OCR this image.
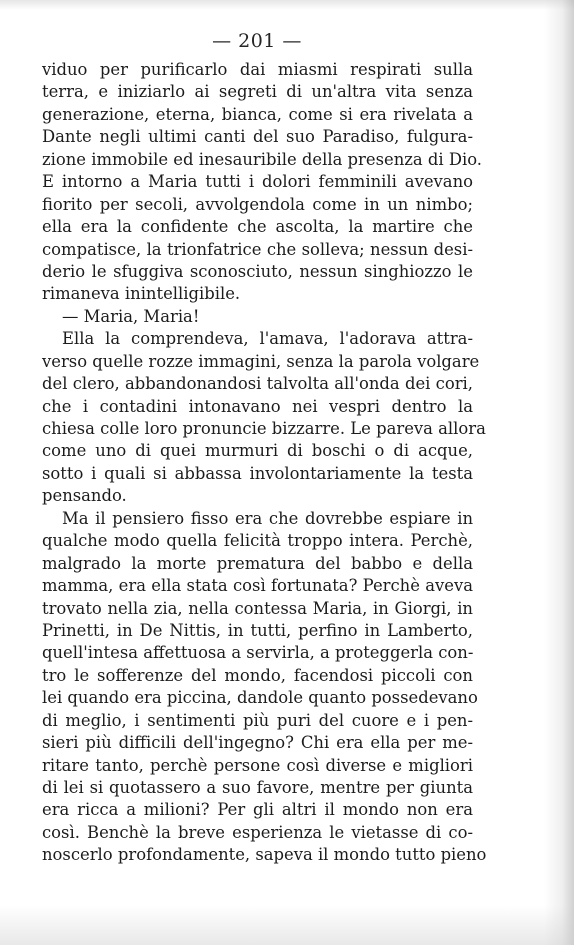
— 201 —
viduo per purificarlo dai miasmi respirati sulla
terra, e iniziarlo ai segreti di un'altra vita senza
generazione, eterna, bianca, come si era rivelata a
Dante negli ultimi canti del suo Paradiso, fulgura-
zione immobile ed inesauribile della presenza di Dio.
E intorno a Maria tutti i dolori femminili avevano
fiorito per secoli, avvolgendola come in un nimbo;
ella era la confidente che ascolta, la martire che
compatisce, la trionfatrice che solleva; nessun desi-
derio le sfuggiva sconosciuto, nessun singhiozzo le
rimaneva inintelligibile.
— Maria, Maria!
Ella la comprendeva, l'amava, l'adorava attra-
verso quelle rozze immagini, senza la parola volgare
del clero, abbandonandosi talvolta all'onda dei cori,
che i contadini intonavano nei vespri dentro la
chiesa colle loro pronuncie bizzarre. Le pareva allora
come uno di quei murmuri di boschi o di acque,
sotto i quali si abbassa involontariamente la testa
pensando.
Ma il pensiero fisso era che dovrebbe espiare in
qualche modo quella felicità troppo intera. Perchè,
malgrado la morte prematura del babbo e della
mamma, era ella stata così fortunata? Perchè aveva
trovato nella zia, nella contessa Maria, in Giorgi, in
Prinetti, in De Nittis, in tutti, perfino in Lamberto,
quell'intesa affettuosa a servirla, a proteggerla con-
tro le sofferenze del mondo, facendosi piccoli con
lei quando era piccina, dandole quanto possedevano
di meglio, i sentimenti più puri del cuore e i pen-
sieri più difficili dell'ingegno? Chi era ella per me-
ritare tanto, perchè persone così diverse e migliori
di lei si quotassero a suo favore, mentre per giunta
era ricca a milioni? Per gli altri il mondo non era
così. Benchè la breve esperienza le vietasse di co-
noscerlo profondamente, sapeva il mondo tutto pieno
